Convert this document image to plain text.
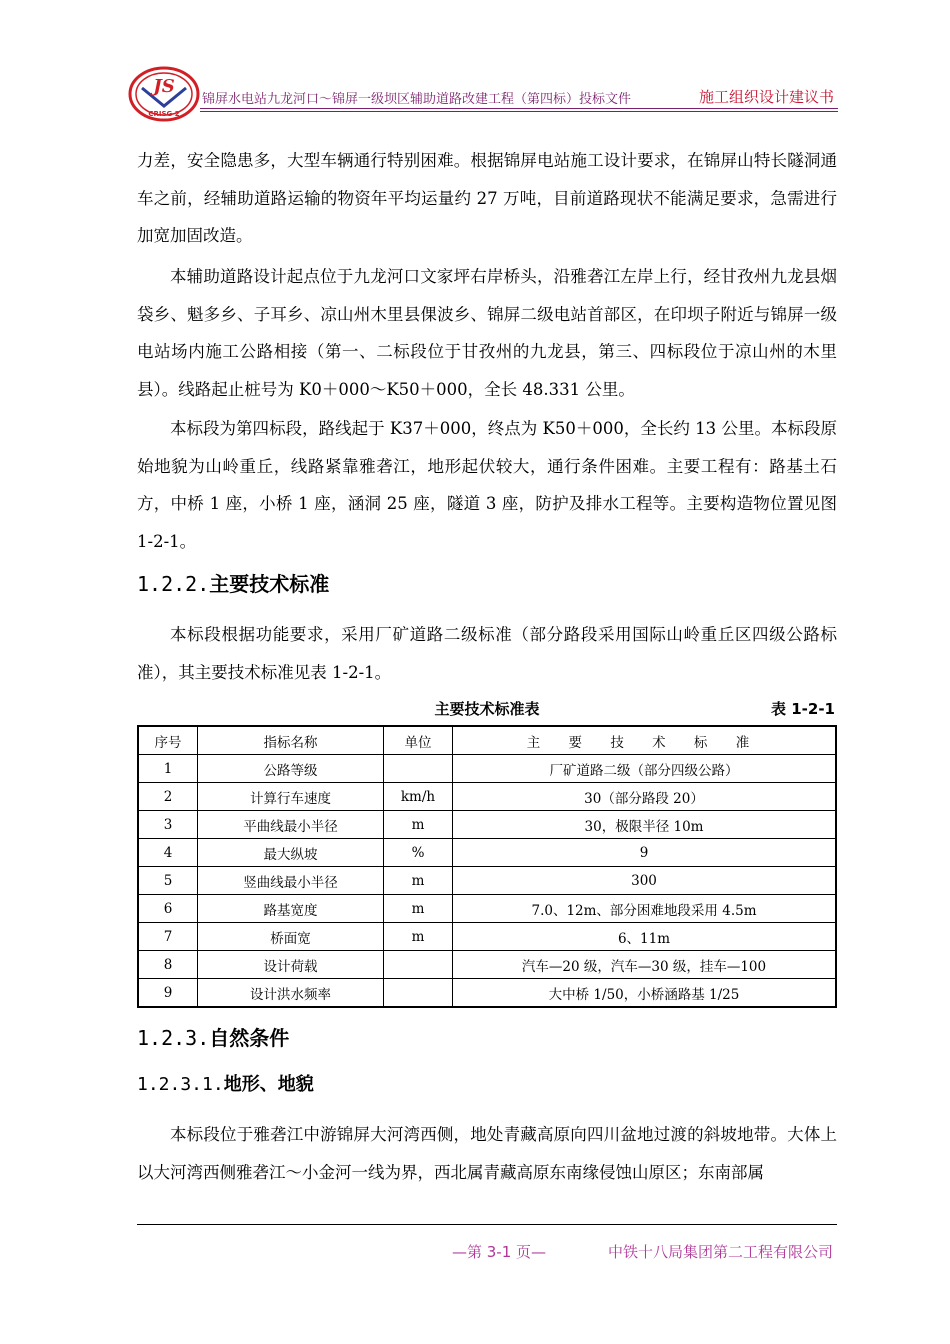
JS
CRISG 2
锦屏水电站九龙河口～锦屏一级坝区辅助道路改建工程（第四标）投标文件	施工组织设计建议书

力差，安全隐患多，大型车辆通行特别困难。根据锦屏电站施工设计要求，在锦屏山特长隧洞通车之前，经辅助道路运输的物资年平均运量约 27 万吨，目前道路现状不能满足要求，急需进行加宽加固改造。

本辅助道路设计起点位于九龙河口文家坪右岸桥头，沿雅砻江左岸上行，经甘孜州九龙县烟袋乡、魁多乡、子耳乡、凉山州木里县倮波乡、锦屏二级电站首部区，在印坝子附近与锦屏一级电站场内施工公路相接（第一、二标段位于甘孜州的九龙县，第三、四标段位于凉山州的木里县）。线路起止桩号为 K0＋000～K50＋000，全长 48.331 公里。

本标段为第四标段，路线起于 K37＋000，终点为 K50＋000，全长约 13 公里。本标段原始地貌为山岭重丘，线路紧靠雅砻江，地形起伏较大，通行条件困难。主要工程有：路基土石方，中桥 1 座，小桥 1 座，涵洞 25 座，隧道 3 座，防护及排水工程等。主要构造物位置见图 1-2-1。

1.2.2.主要技术标准

本标段根据功能要求，采用厂矿道路二级标准（部分路段采用国际山岭重丘区四级公路标准），其主要技术标准见表 1-2-1。

主要技术标准表	表 1-2-1
序号	指标名称	单位	主 要 技 术 标 准
1	公路等级		厂矿道路二级（部分四级公路）
2	计算行车速度	km/h	30（部分路段 20）
3	平曲线最小半径	m	30，极限半径 10m
4	最大纵坡	%	9
5	竖曲线最小半径	m	300
6	路基宽度	m	7.0、12m、部分困难地段采用 4.5m
7	桥面宽	m	6、11m
8	设计荷载		汽车—20 级，汽车—30 级，挂车—100
9	设计洪水频率		大中桥 1/50，小桥涵路基 1/25
1.2.3.自然条件
1.2.3.1.地形、地貌

本标段位于雅砻江中游锦屏大河湾西侧，地处青藏高原向四川盆地过渡的斜坡地带。大体上以大河湾西侧雅砻江～小金河一线为界，西北属青藏高原东南缘侵蚀山原区；东南部属

—第 3-1 页—	中铁十八局集团第二工程有限公司
